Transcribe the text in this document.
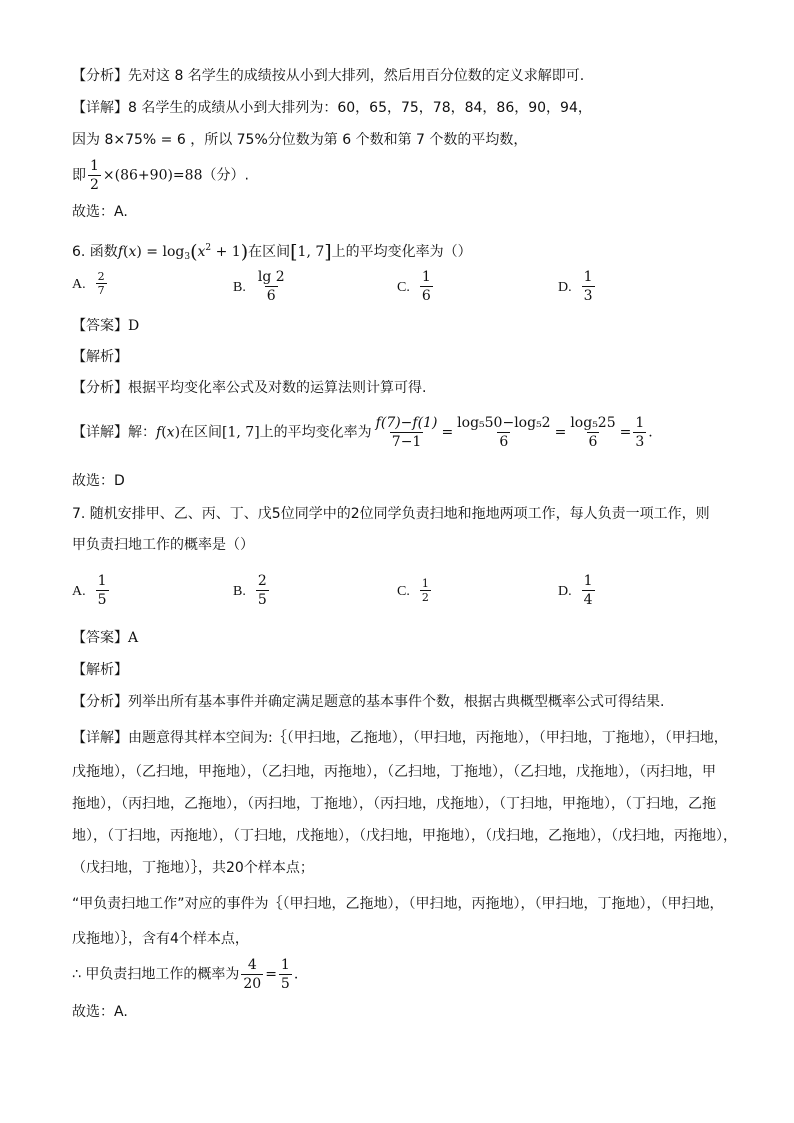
【分析】先对这 8 名学生的成绩按从小到大排列，然后用百分位数的定义求解即可.
【详解】8 名学生的成绩从小到大排列为：60，65，75，78，84，86，90，94，
因为 8×75% = 6 ，所以 75%分位数为第 6 个数和第 7 个数的平均数，
即 $\frac{1}{2} \times(86+90)=88$（分）.
故选：A.
6. 函数$f(x) = \log_3(x^2 + 1)$在区间[1, 7]上的平均变化率为（）
A. $\frac{2}{7}$	B. $\frac{\lg 2}{6}$	C. $\frac{1}{6}$	D. $\frac{1}{3}$
【答案】D
【解析】
【分析】根据平均变化率公式及对数的运算法则计算可得.
【详解】解：f(x)在区间[1, 7]上的平均变化率为 $\frac{f(7)-f(1)}{7-1} = \frac{\text{log₅50−log₅2}}{6} = \frac{\text{log₅25}}{6} = \frac{1}{3}$ .
故选：D
7. 随机安排甲、乙、丙、丁、戊5位同学中的2位同学负责扫地和拖地两项工作，每人负责一项工作，则
甲负责扫地工作的概率是（）
A. $\frac{1}{5}$	B. $\frac{2}{5}$	C. $\frac{1}{2}$	D. $\frac{1}{4}$
【答案】A
【解析】
【分析】列举出所有基本事件并确定满足题意的基本事件个数，根据古典概型概率公式可得结果.
【详解】由题意得其样本空间为:｛（甲扫地，乙拖地），（甲扫地，丙拖地），（甲扫地，丁拖地），（甲扫地，
戊拖地），（乙扫地，甲拖地），（乙扫地，丙拖地），（乙扫地，丁拖地），（乙扫地，戊拖地），（丙扫地，甲
拖地），（丙扫地，乙拖地），（丙扫地，丁拖地），（丙扫地，戊拖地），（丁扫地，甲拖地），（丁扫地，乙拖
地），（丁扫地，丙拖地），（丁扫地，戊拖地），（戊扫地，甲拖地），（戊扫地，乙拖地），（戊扫地，丙拖地），
（戊扫地，丁拖地）｝，共20个样本点；
“甲负责扫地工作”对应的事件为｛（甲扫地，乙拖地），（甲扫地，丙拖地），（甲扫地，丁拖地），（甲扫地，
戊拖地）｝，含有4个样本点，
∴ 甲负责扫地工作的概率为 $\frac{4}{20} = \frac{1}{5}$ .
故选：A.
